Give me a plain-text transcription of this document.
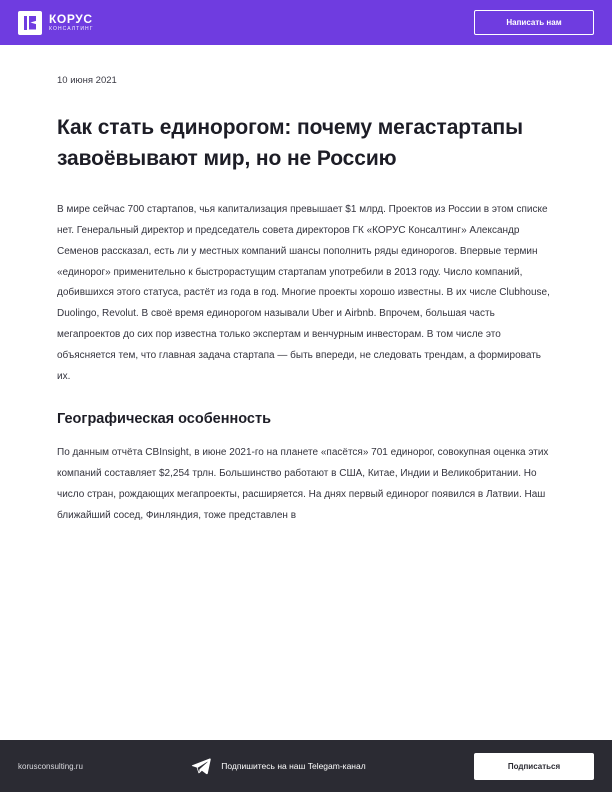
КОРУС
КОНСАЛТИНГ
Написать нам
10 июня 2021
Как стать единорогом: почему мегастартапы завоёвывают мир, но не Россию

В мире сейчас 700 стартапов, чья капитализация превышает $1 млрд. Проектов из России в этом списке нет. Генеральный директор и председатель совета директоров ГК «КОРУС Консалтинг» Александр Семенов рассказал, есть ли у местных компаний шансы пополнить ряды единорогов. Впервые термин «единорог» применительно к быстрорастущим стартапам употребили в 2013 году. Число компаний, добившихся этого статуса, растёт из года в год. Многие проекты хорошо известны. В их числе Clubhouse, Duolingo, Revolut. В своё время единорогом называли Uber и Airbnb. Впрочем, большая часть мегапроектов до сих пор известна только экспертам и венчурным инвесторам. В том числе это объясняется тем, что главная задача стартапа — быть впереди, не следовать трендам, а формировать их.

Географическая особенность

По данным отчёта CBInsight, в июне 2021-го на планете «пасётся» 701 единорог, совокупная оценка этих компаний составляет $2,254 трлн. Большинство работают в США, Китае, Индии и Великобритании. Но число стран, рождающих мегапроекты, расширяется. На днях первый единорог появился в Латвии. Наш ближайший сосед, Финляндия, тоже представлен в

korusconsulting.ru	Подпишитесь на наш Telegam-канал	Подписаться
